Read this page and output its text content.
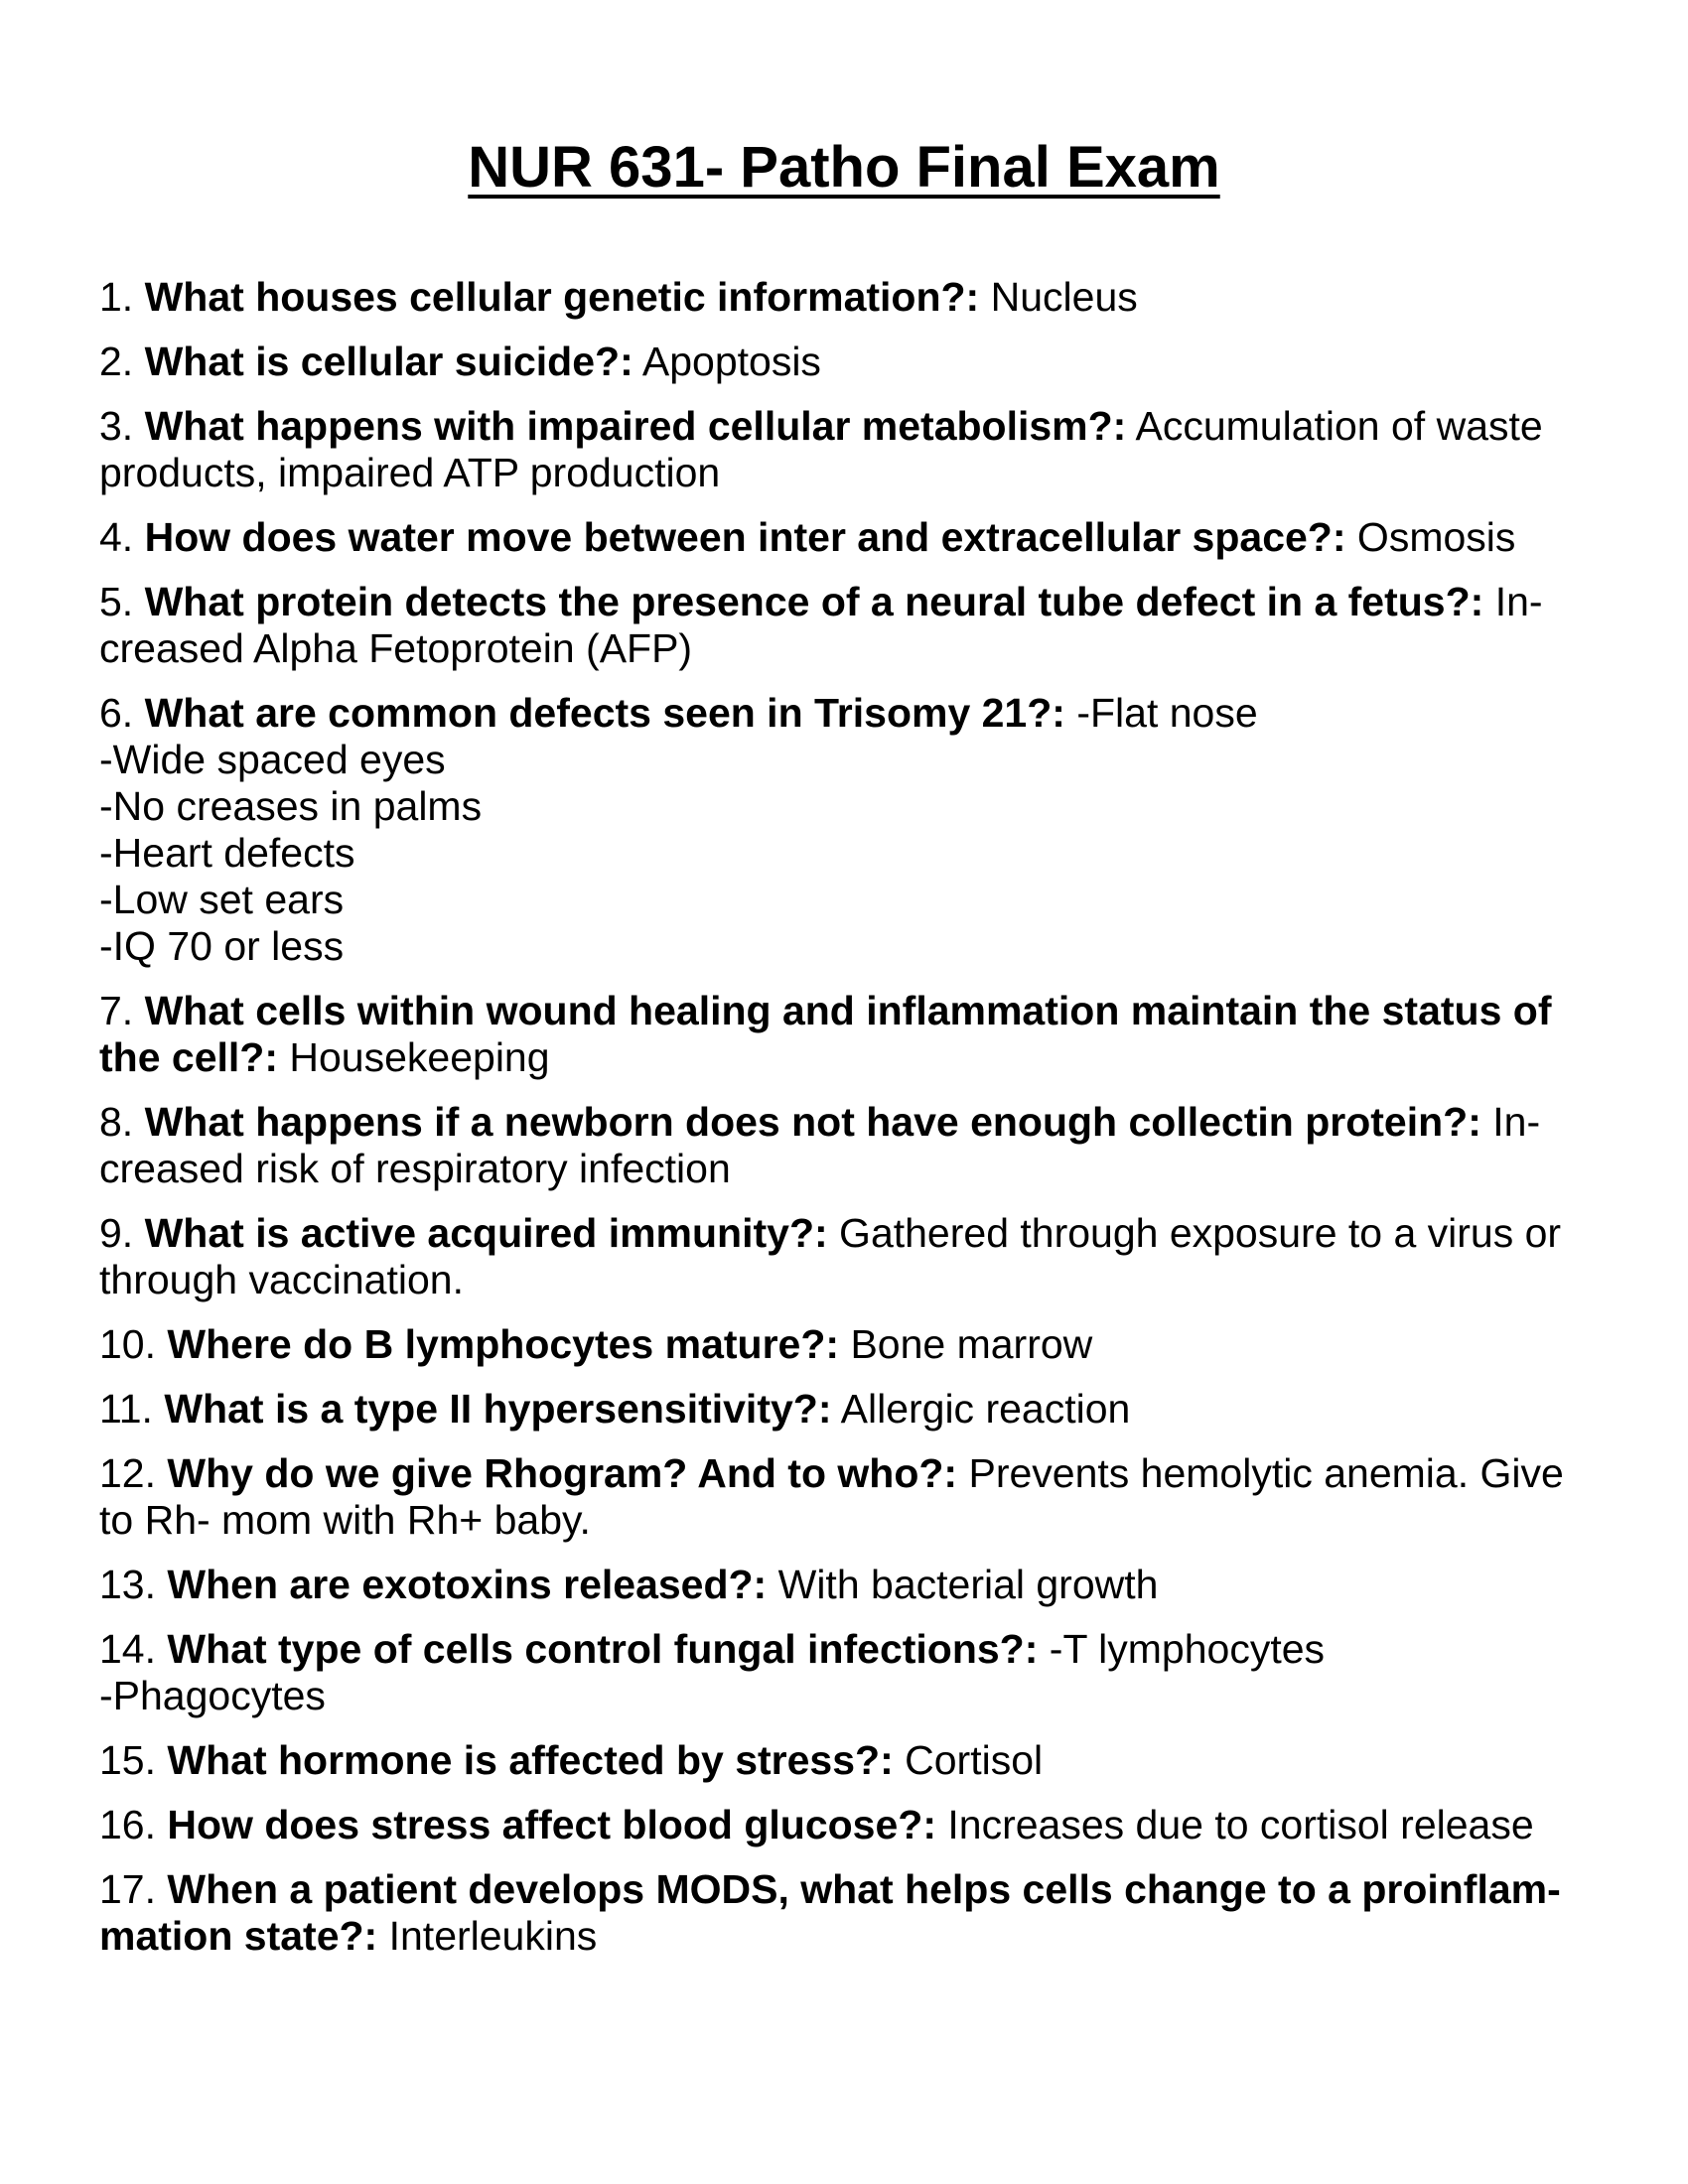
NUR 631- Patho Final Exam
1. What houses cellular genetic information?: Nucleus
2. What is cellular suicide?: Apoptosis
3. What happens with impaired cellular metabolism?: Accumulation of waste products, impaired ATP production
4. How does water move between inter and extracellular space?: Osmosis
5. What protein detects the presence of a neural tube defect in a fetus?: In- creased Alpha Fetoprotein (AFP)
6. What are common defects seen in Trisomy 21?: -Flat nose
-Wide spaced eyes
-No creases in palms
-Heart defects
-Low set ears
-IQ 70 or less
7. What cells within wound healing and inflammation maintain the status of the cell?: Housekeeping
8. What happens if a newborn does not have enough collectin protein?: In- creased risk of respiratory infection
9. What is active acquired immunity?: Gathered through exposure to a virus or through vaccination.
10. Where do B lymphocytes mature?: Bone marrow
11. What is a type II hypersensitivity?: Allergic reaction
12. Why do we give Rhogram? And to who?: Prevents hemolytic anemia. Give to Rh- mom with Rh+ baby.
13. When are exotoxins released?: With bacterial growth
14. What type of cells control fungal infections?: -T lymphocytes
-Phagocytes
15. What hormone is affected by stress?: Cortisol
16. How does stress affect blood glucose?: Increases due to cortisol release
17. When a patient develops MODS, what helps cells change to a proinflam- mation state?: Interleukins
